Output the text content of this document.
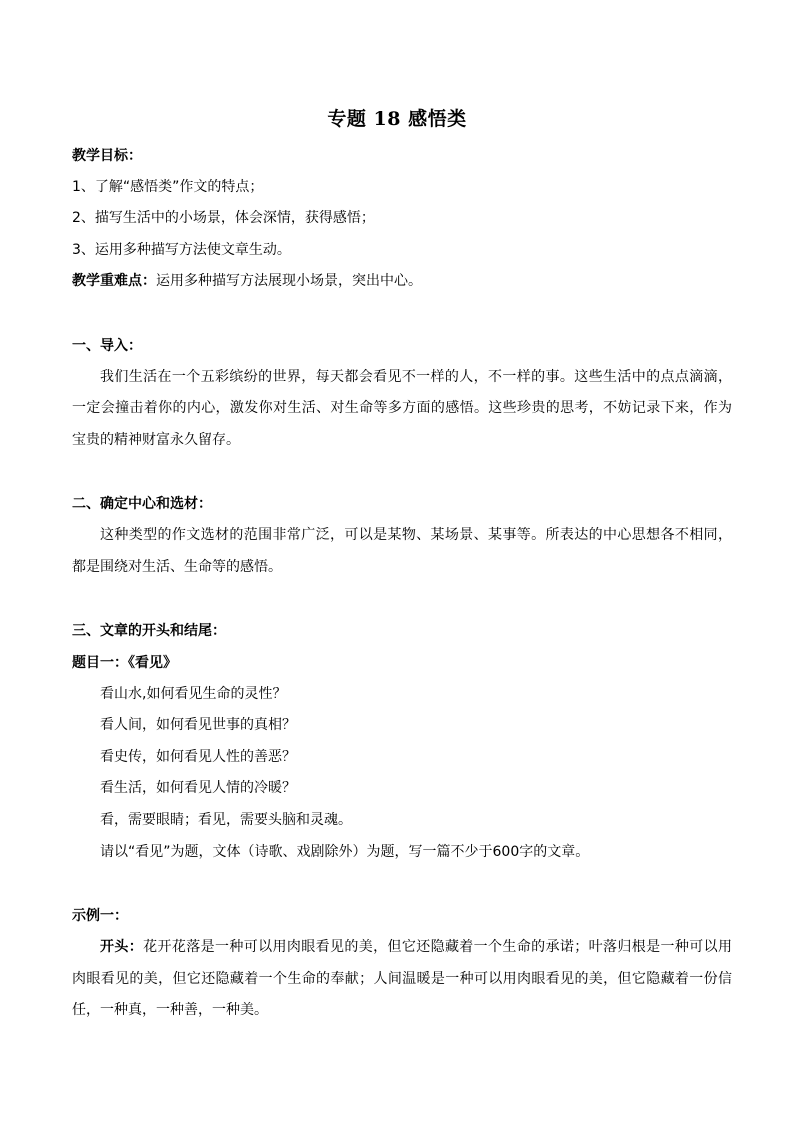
专题 18 感悟类
教学目标：
1、了解“感悟类”作文的特点；
2、描写生活中的小场景，体会深情，获得感悟；
3、运用多种描写方法使文章生动。
教学重难点：运用多种描写方法展现小场景，突出中心。
一、导入：
我们生活在一个五彩缤纷的世界，每天都会看见不一样的人，不一样的事。这些生活中的点点滴滴，
一定会撞击着你的内心，激发你对生活、对生命等多方面的感悟。这些珍贵的思考，不妨记录下来，作为
宝贵的精神财富永久留存。
二、确定中心和选材：
这种类型的作文选材的范围非常广泛，可以是某物、某场景、某事等。所表达的中心思想各不相同，
都是围绕对生活、生命等的感悟。
三、文章的开头和结尾：
题目一：《看见》
看山水,如何看见生命的灵性？
看人间，如何看见世事的真相？
看史传，如何看见人性的善恶？
看生活，如何看见人情的冷暖？
看，需要眼睛；看见，需要头脑和灵魂。
请以“看见”为题，文体（诗歌、戏剧除外）为题，写一篇不少于600字的文章。
示例一：
开头：花开花落是一种可以用肉眼看见的美，但它还隐藏着一个生命的承诺；叶落归根是一种可以用
肉眼看见的美，但它还隐藏着一个生命的奉献；人间温暖是一种可以用肉眼看见的美，但它隐藏着一份信
任，一种真，一种善，一种美。
